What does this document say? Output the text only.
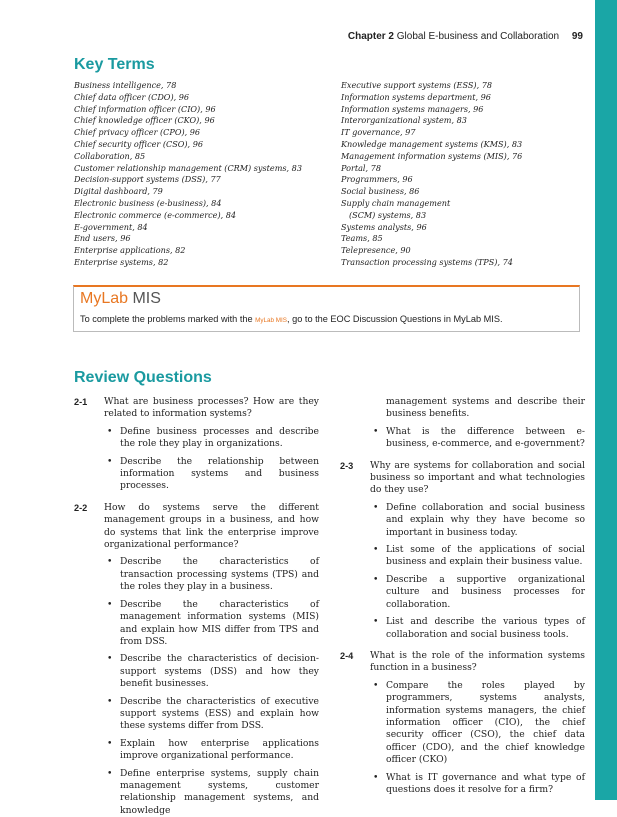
Chapter 2 Global E-business and Collaboration 99
Key Terms
Business intelligence, 78
Chief data officer (CDO), 96
Chief information officer (CIO), 96
Chief knowledge officer (CKO), 96
Chief privacy officer (CPO), 96
Chief security officer (CSO), 96
Collaboration, 85
Customer relationship management (CRM) systems, 83
Decision-support systems (DSS), 77
Digital dashboard, 79
Electronic business (e-business), 84
Electronic commerce (e-commerce), 84
E-government, 84
End users, 96
Enterprise applications, 82
Enterprise systems, 82
Executive support systems (ESS), 78
Information systems department, 96
Information systems managers, 96
Interorganizational system, 83
IT governance, 97
Knowledge management systems (KMS), 83
Management information systems (MIS), 76
Portal, 78
Programmers, 96
Social business, 86
Supply chain management
(SCM) systems, 83
Systems analysts, 96
Teams, 85
Telepresence, 90
Transaction processing systems (TPS), 74
MyLab MIS
To complete the problems marked with the MyLab MIS, go to the EOC Discussion Questions in MyLab MIS.
Review Questions
2-1 What are business processes? How are they related to information systems?
• Define business processes and describe the role they play in organizations.
• Describe the relationship between information systems and business processes.
2-2 How do systems serve the different management groups in a business, and how do systems that link the enterprise improve organizational performance?
• Describe the characteristics of transaction processing systems (TPS) and the roles they play in a business.
• Describe the characteristics of management information systems (MIS) and explain how MIS differ from TPS and from DSS.
• Describe the characteristics of decision-support systems (DSS) and how they benefit businesses.
• Describe the characteristics of executive support systems (ESS) and explain how these systems differ from DSS.
• Explain how enterprise applications improve organizational performance.
• Define enterprise systems, supply chain management systems, customer relationship management systems, and knowledge
management systems and describe their business benefits.
• What is the difference between e-business, e-commerce, and e-government?
2-3 Why are systems for collaboration and social business so important and what technologies do they use?
• Define collaboration and social business and explain why they have become so important in business today.
• List some of the applications of social business and explain their business value.
• Describe a supportive organizational culture and business processes for collaboration.
• List and describe the various types of collaboration and social business tools.
2-4 What is the role of the information systems function in a business?
• Compare the roles played by programmers, systems analysts, information systems managers, the chief information officer (CIO), the chief security officer (CSO), the chief data officer (CDO), and the chief knowledge officer (CKO)
• What is IT governance and what type of questions does it resolve for a firm?
